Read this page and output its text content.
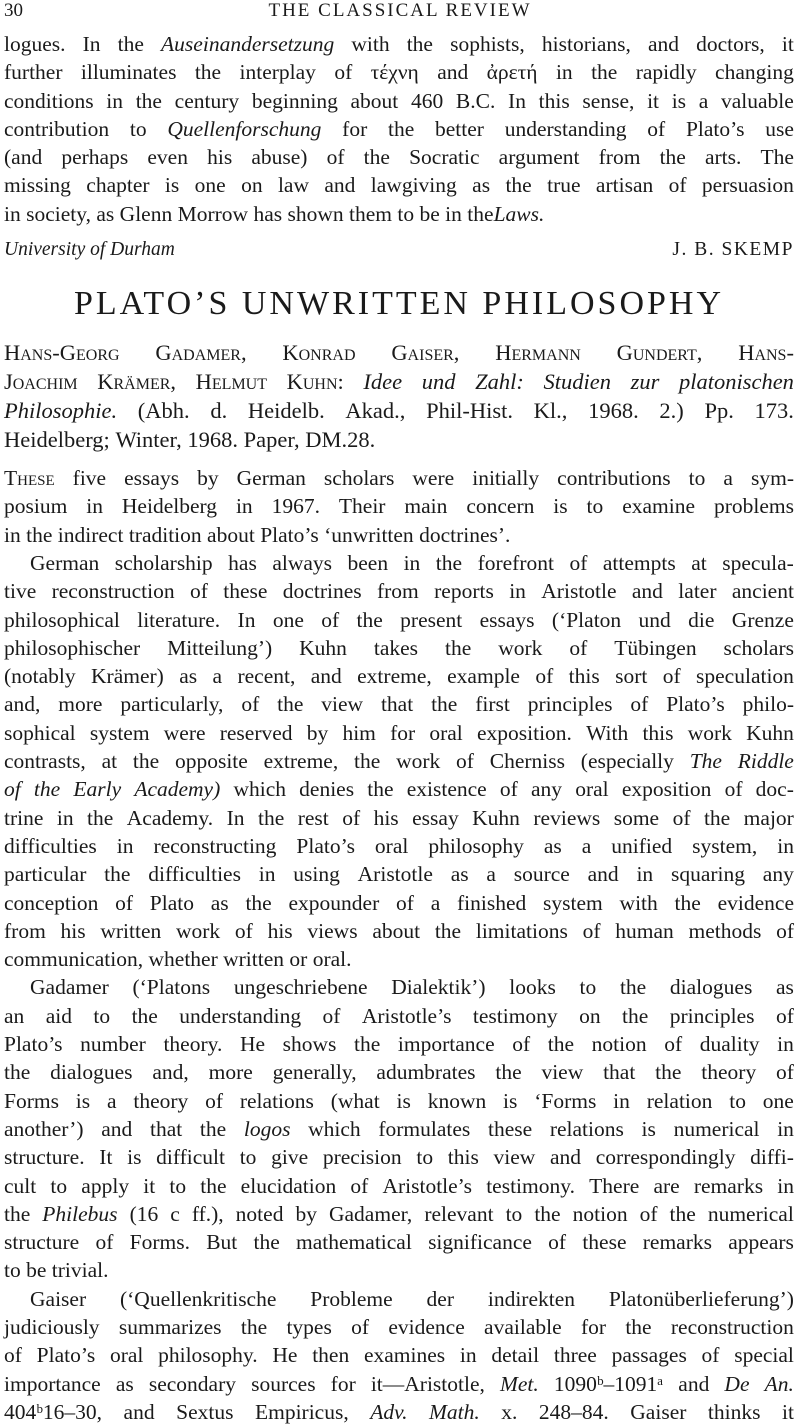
30	THE CLASSICAL REVIEW
logues. In the Auseinandersetzung with the sophists, historians, and doctors, it
further illuminates the interplay of τέχνη and ἀρετή in the rapidly changing
conditions in the century beginning about 460 B.C. In this sense, it is a valuable
contribution to Quellenforschung for the better understanding of Plato’s use
(and perhaps even his abuse) of the Socratic argument from the arts. The
missing chapter is one on law and lawgiving as the true artisan of persuasion
in society, as Glenn Morrow has shown them to be in the Laws.
University of Durham	J. B. SKEMP
PLATO’S UNWRITTEN PHILOSOPHY
Hans-Georg Gadamer, Konrad Gaiser, Hermann Gundert, Hans-
Joachim Krämer, Helmut Kuhn: Idee und Zahl: Studien zur platonischen
Philosophie. (Abh. d. Heidelb. Akad., Phil-Hist. Kl., 1968. 2.) Pp. 173.
Heidelberg; Winter, 1968. Paper, DM.28.
These five essays by German scholars were initially contributions to a sym-
posium in Heidelberg in 1967. Their main concern is to examine problems
in the indirect tradition about Plato’s ‘unwritten doctrines’.
German scholarship has always been in the forefront of attempts at specula-
tive reconstruction of these doctrines from reports in Aristotle and later ancient
philosophical literature. In one of the present essays (‘Platon und die Grenze
philosophischer Mitteilung’) Kuhn takes the work of Tübingen scholars
(notably Krämer) as a recent, and extreme, example of this sort of speculation
and, more particularly, of the view that the first principles of Plato’s philo-
sophical system were reserved by him for oral exposition. With this work Kuhn
contrasts, at the opposite extreme, the work of Cherniss (especially The Riddle
of the Early Academy) which denies the existence of any oral exposition of doc-
trine in the Academy. In the rest of his essay Kuhn reviews some of the major
difficulties in reconstructing Plato’s oral philosophy as a unified system, in
particular the difficulties in using Aristotle as a source and in squaring any
conception of Plato as the expounder of a finished system with the evidence
from his written work of his views about the limitations of human methods of
communication, whether written or oral.
Gadamer (‘Platons ungeschriebene Dialektik’) looks to the dialogues as
an aid to the understanding of Aristotle’s testimony on the principles of
Plato’s number theory. He shows the importance of the notion of duality in
the dialogues and, more generally, adumbrates the view that the theory of
Forms is a theory of relations (what is known is ‘Forms in relation to one
another’) and that the logos which formulates these relations is numerical in
structure. It is difficult to give precision to this view and correspondingly diffi-
cult to apply it to the elucidation of Aristotle’s testimony. There are remarks in
the Philebus (16 c ff.), noted by Gadamer, relevant to the notion of the numerical
structure of Forms. But the mathematical significance of these remarks appears
to be trivial.
Gaiser (‘Quellenkritische Probleme der indirekten Platonüberlieferung’)
judiciously summarizes the types of evidence available for the reconstruction
of Plato’s oral philosophy. He then examines in detail three passages of special
importance as secondary sources for it—Aristotle, Met. 1090ᵇ–1091ᵃ and De An.
404ᵇ16–30, and Sextus Empiricus, Adv. Math. x. 248–84. Gaiser thinks it
